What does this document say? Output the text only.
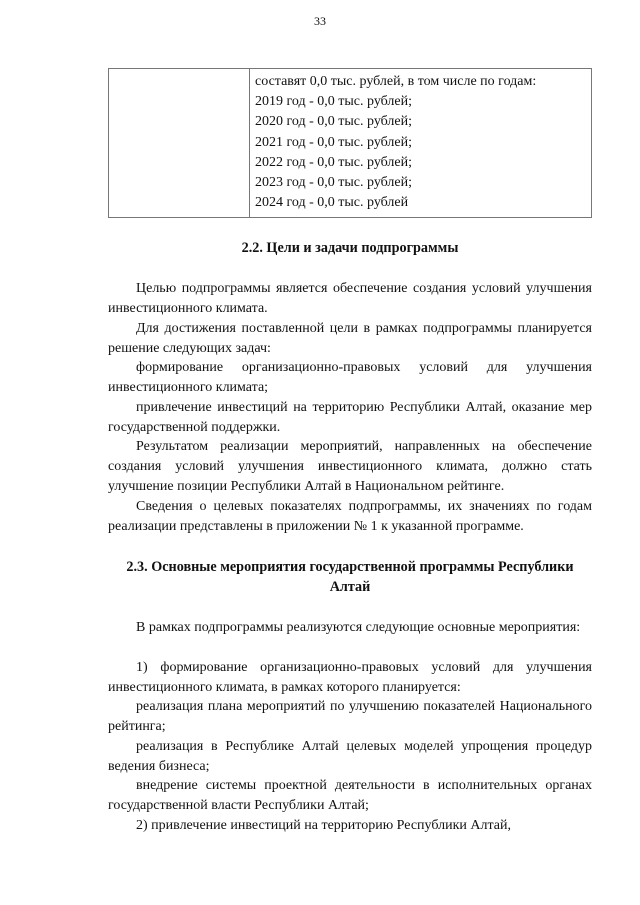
33

составят 0,0 тыс. рублей, в том числе по годам:
2019 год - 0,0 тыс. рублей;
2020 год - 0,0 тыс. рублей;
2021 год - 0,0 тыс. рублей;
2022 год - 0,0 тыс. рублей;
2023 год - 0,0 тыс. рублей;
2024 год - 0,0 тыс. рублей
2.2. Цели и задачи подпрограммы

Целью подпрограммы является обеспечение создания условий улучшения инвестиционного климата.

Для достижения поставленной цели в рамках подпрограммы планируется решение следующих задач:

формирование организационно-правовых условий для улучшения инвестиционного климата;

привлечение инвестиций на территорию Республики Алтай, оказание мер государственной поддержки.

Результатом реализации мероприятий, направленных на обеспечение создания условий улучшения инвестиционного климата, должно стать улучшение позиции Республики Алтай в Национальном рейтинге.

Сведения о целевых показателях подпрограммы, их значениях по годам реализации представлены в приложении № 1 к указанной программе.

2.3. Основные мероприятия государственной программы Республики
Алтай

В рамках подпрограммы реализуются следующие основные мероприятия:

1) формирование организационно-правовых условий для улучшения инвестиционного климата, в рамках которого планируется:

реализация плана мероприятий по улучшению показателей Национального рейтинга;

реализация в Республике Алтай целевых моделей упрощения процедур ведения бизнеса;

внедрение системы проектной деятельности в исполнительных органах государственной власти Республики Алтай;

2) привлечение инвестиций на территорию Республики Алтай,
